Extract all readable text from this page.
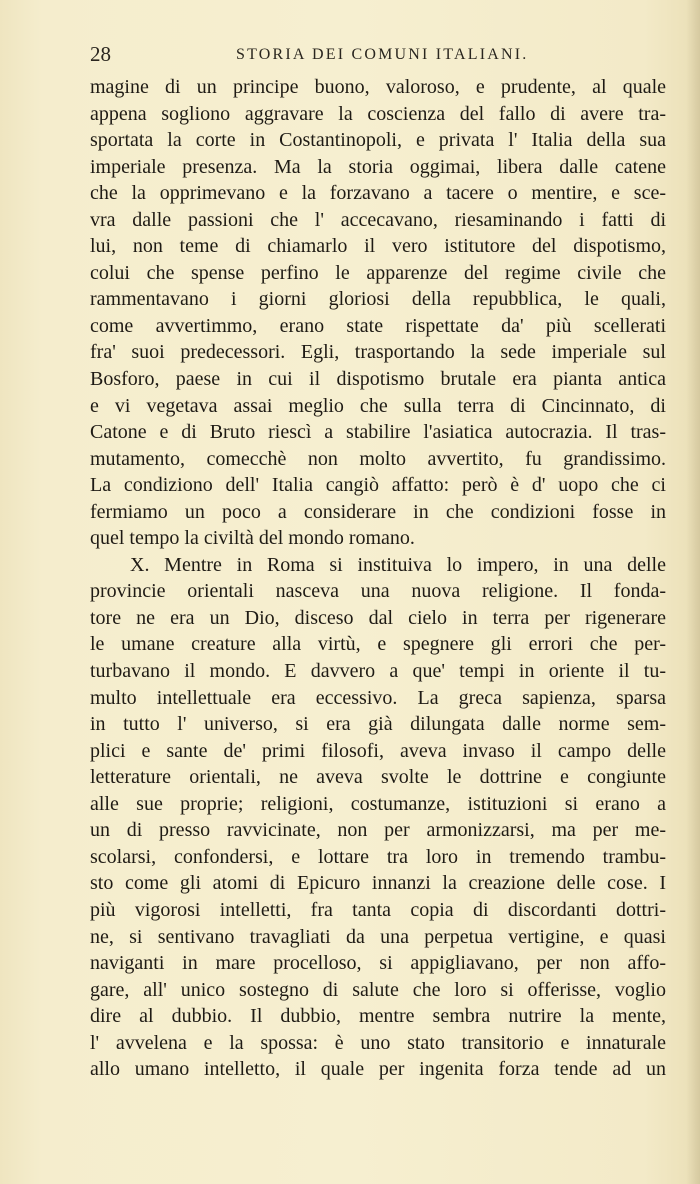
28	STORIA DEI COMUNI ITALIANI.
magine di un principe buono, valoroso, e prudente, al quale
appena sogliono aggravare la coscienza del fallo di avere tra-
sportata la corte in Costantinopoli, e privata l' Italia della sua
imperiale presenza. Ma la storia oggimai, libera dalle catene
che la opprimevano e la forzavano a tacere o mentire, e sce-
vra dalle passioni che l' accecavano, riesaminando i fatti di
lui, non teme di chiamarlo il vero istitutore del dispotismo,
colui che spense perfino le apparenze del regime civile che
rammentavano i giorni gloriosi della repubblica, le quali,
come avvertimmo, erano state rispettate da' più scellerati
fra' suoi predecessori. Egli, trasportando la sede imperiale sul
Bosforo, paese in cui il dispotismo brutale era pianta antica
e vi vegetava assai meglio che sulla terra di Cincinnato, di
Catone e di Bruto riescì a stabilire l'asiatica autocrazia. Il tras-
mutamento, comecchè non molto avvertito, fu grandissimo.
La condiziono dell' Italia cangiò affatto: però è d' uopo che ci
fermiamo un poco a considerare in che condizioni fosse in
quel tempo la civiltà del mondo romano.
X. Mentre in Roma si instituiva lo impero, in una delle
provincie orientali nasceva una nuova religione. Il fonda-
tore ne era un Dio, disceso dal cielo in terra per rigenerare
le umane creature alla virtù, e spegnere gli errori che per-
turbavano il mondo. E davvero a que' tempi in oriente il tu-
multo intellettuale era eccessivo. La greca sapienza, sparsa
in tutto l' universo, si era già dilungata dalle norme sem-
plici e sante de' primi filosofi, aveva invaso il campo delle
letterature orientali, ne aveva svolte le dottrine e congiunte
alle sue proprie; religioni, costumanze, istituzioni si erano a
un di presso ravvicinate, non per armonizzarsi, ma per me-
scolarsi, confondersi, e lottare tra loro in tremendo trambu-
sto come gli atomi di Epicuro innanzi la creazione delle cose. I
più vigorosi intelletti, fra tanta copia di discordanti dottri-
ne, si sentivano travagliati da una perpetua vertigine, e quasi
naviganti in mare procelloso, si appigliavano, per non affo-
gare, all' unico sostegno di salute che loro si offerisse, voglio
dire al dubbio. Il dubbio, mentre sembra nutrire la mente,
l' avvelena e la spossa: è uno stato transitorio e innaturale
allo umano intelletto, il quale per ingenita forza tende ad un
